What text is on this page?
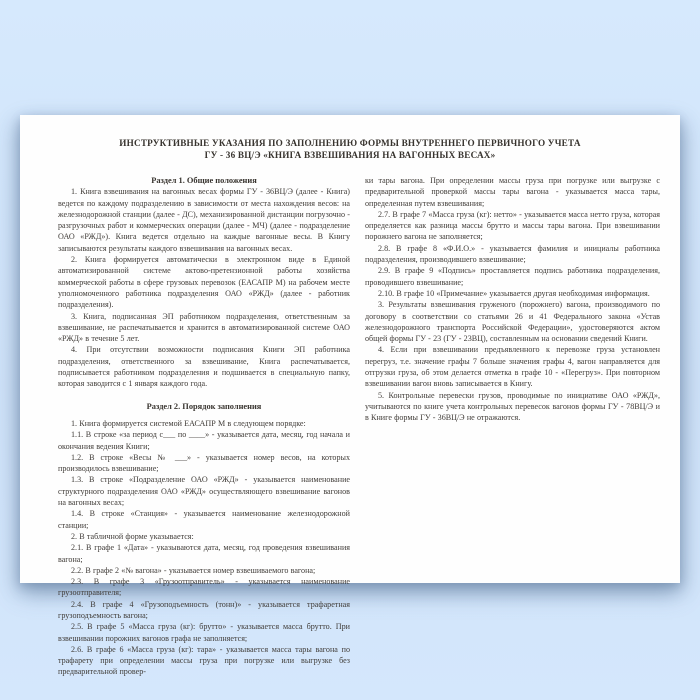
ИНСТРУКТИВНЫЕ УКАЗАНИЯ ПО ЗАПОЛНЕНИЮ ФОРМЫ ВНУТРЕННЕГО ПЕРВИЧНОГО УЧЕТА
ГУ - 36 ВЦ/Э «КНИГА ВЗВЕШИВАНИЯ НА ВАГОННЫХ ВЕСАХ»
Раздел 1. Общие положения

1. Книга взвешивания на вагонных весах формы ГУ - 36ВЦ/Э (далее - Книга) ведется по каждому подразделению в зависимости от места нахождения весов: на железнодорожной станции (далее - ДС), механизированной дистанции погрузочно - разгрузочных работ и коммерческих операции (далее - МЧ) (далее - подразделение ОАО «РЖД»). Книга ведется отдельно на каждые вагонные весы. В Книгу записываются результаты каждого взвешивания на вагонных весах.

2. Книга формируется автоматически в электронном виде в Единой автоматизированной системе актово-претензионной работы хозяйства коммерческой работы в сфере грузовых перевозок (ЕАСАПР М) на рабочем месте уполномоченного работника подразделения ОАО «РЖД» (далее - работник подразделения).

3. Книга, подписанная ЭП работником подразделения, ответственным за взвешивание, не распечатывается и хранится в автоматизированной системе ОАО «РЖД» в течение 5 лет.

4. При отсутствии возможности подписания Книги ЭП работника подразделения, ответственного за взвешивание, Книга распечатывается, подписывается работником подразделения и подшивается в специальную папку, которая заводится с 1 января каждого года.

Раздел 2. Порядок заполнения

1. Книга формируется системой ЕАСАПР М в следующем порядке:

1.1. В строке «за период с___ по ____» - указывается дата, месяц, год начала и окончания ведения Книги;

1.2. В строке «Весы № ___» - указывается номер весов, на которых производилось взвешивание;

1.3. В строке «Подразделение ОАО «РЖД» - указывается наименование структурного подразделения ОАО «РЖД» осуществляющего взвешивание вагонов на вагонных весах;

1.4. В строке «Станция» - указывается наименование железнодорожной станции;

2. В табличной форме указывается:

2.1. В графе 1 «Дата» - указываются дата, месяц, год проведения взвешивания вагона;

2.2. В графе 2 «№ вагона» - указывается номер взвешиваемого вагона;

2.3. В графе 3 «Грузоотправитель» - указывается наименование грузоотправителя;

2.4. В графе 4 «Грузоподъемность (тонн)» - указывается трафаретная грузоподъемность вагона;

2.5. В графе 5 «Масса груза (кг): брутто» - указывается масса брутто. При взвешивании порожних вагонов графа не заполняется;

2.6. В графе 6 «Масса груза (кг): тара» - указывается масса тары вагона по трафарету при определении массы груза при погрузке или выгрузке без предварительной провер-

ки тары вагона. При определении массы груза при погрузке или выгрузке с предварительной проверкой массы тары вагона - указывается масса тары, определенная путем взвешивания;

2.7. В графе 7 «Масса груза (кг): нетто» - указывается масса нетто груза, которая определяется как разница массы брутто и массы тары вагона. При взвешивании порожнего вагона не заполняется;

2.8. В графе 8 «Ф.И.О.» - указывается фамилия и инициалы работника подразделения, производившего взвешивание;

2.9. В графе 9 «Подпись» проставляется подпись работника подразделения, проводившего взвешивание;

2.10. В графе 10 «Примечание» указывается другая необходимая информация.

3. Результаты взвешивания груженого (порожнего) вагона, производимого по договору в соответствии со статьями 26 и 41 Федерального закона «Устав железнодорожного транспорта Российской Федерации», удостоверяются актом общей формы ГУ - 23 (ГУ - 23ВЦ), составленным на основании сведений Книги.

4. Если при взвешивании предъявленного к перевозке груза установлен перегруз, т.е. значение графы 7 больше значения графы 4, вагон направляется для отгрузки груза, об этом делается отметка в графе 10 - «Перегруз». При повторном взвешивании вагон вновь записывается в Книгу.

5. Контрольные перевески грузов, проводимые по инициативе ОАО «РЖД», учитываются по книге учета контрольных перевесок вагонов формы ГУ - 78ВЦ/Э и в Книге формы ГУ - 36ВЦ/Э не отражаются.
